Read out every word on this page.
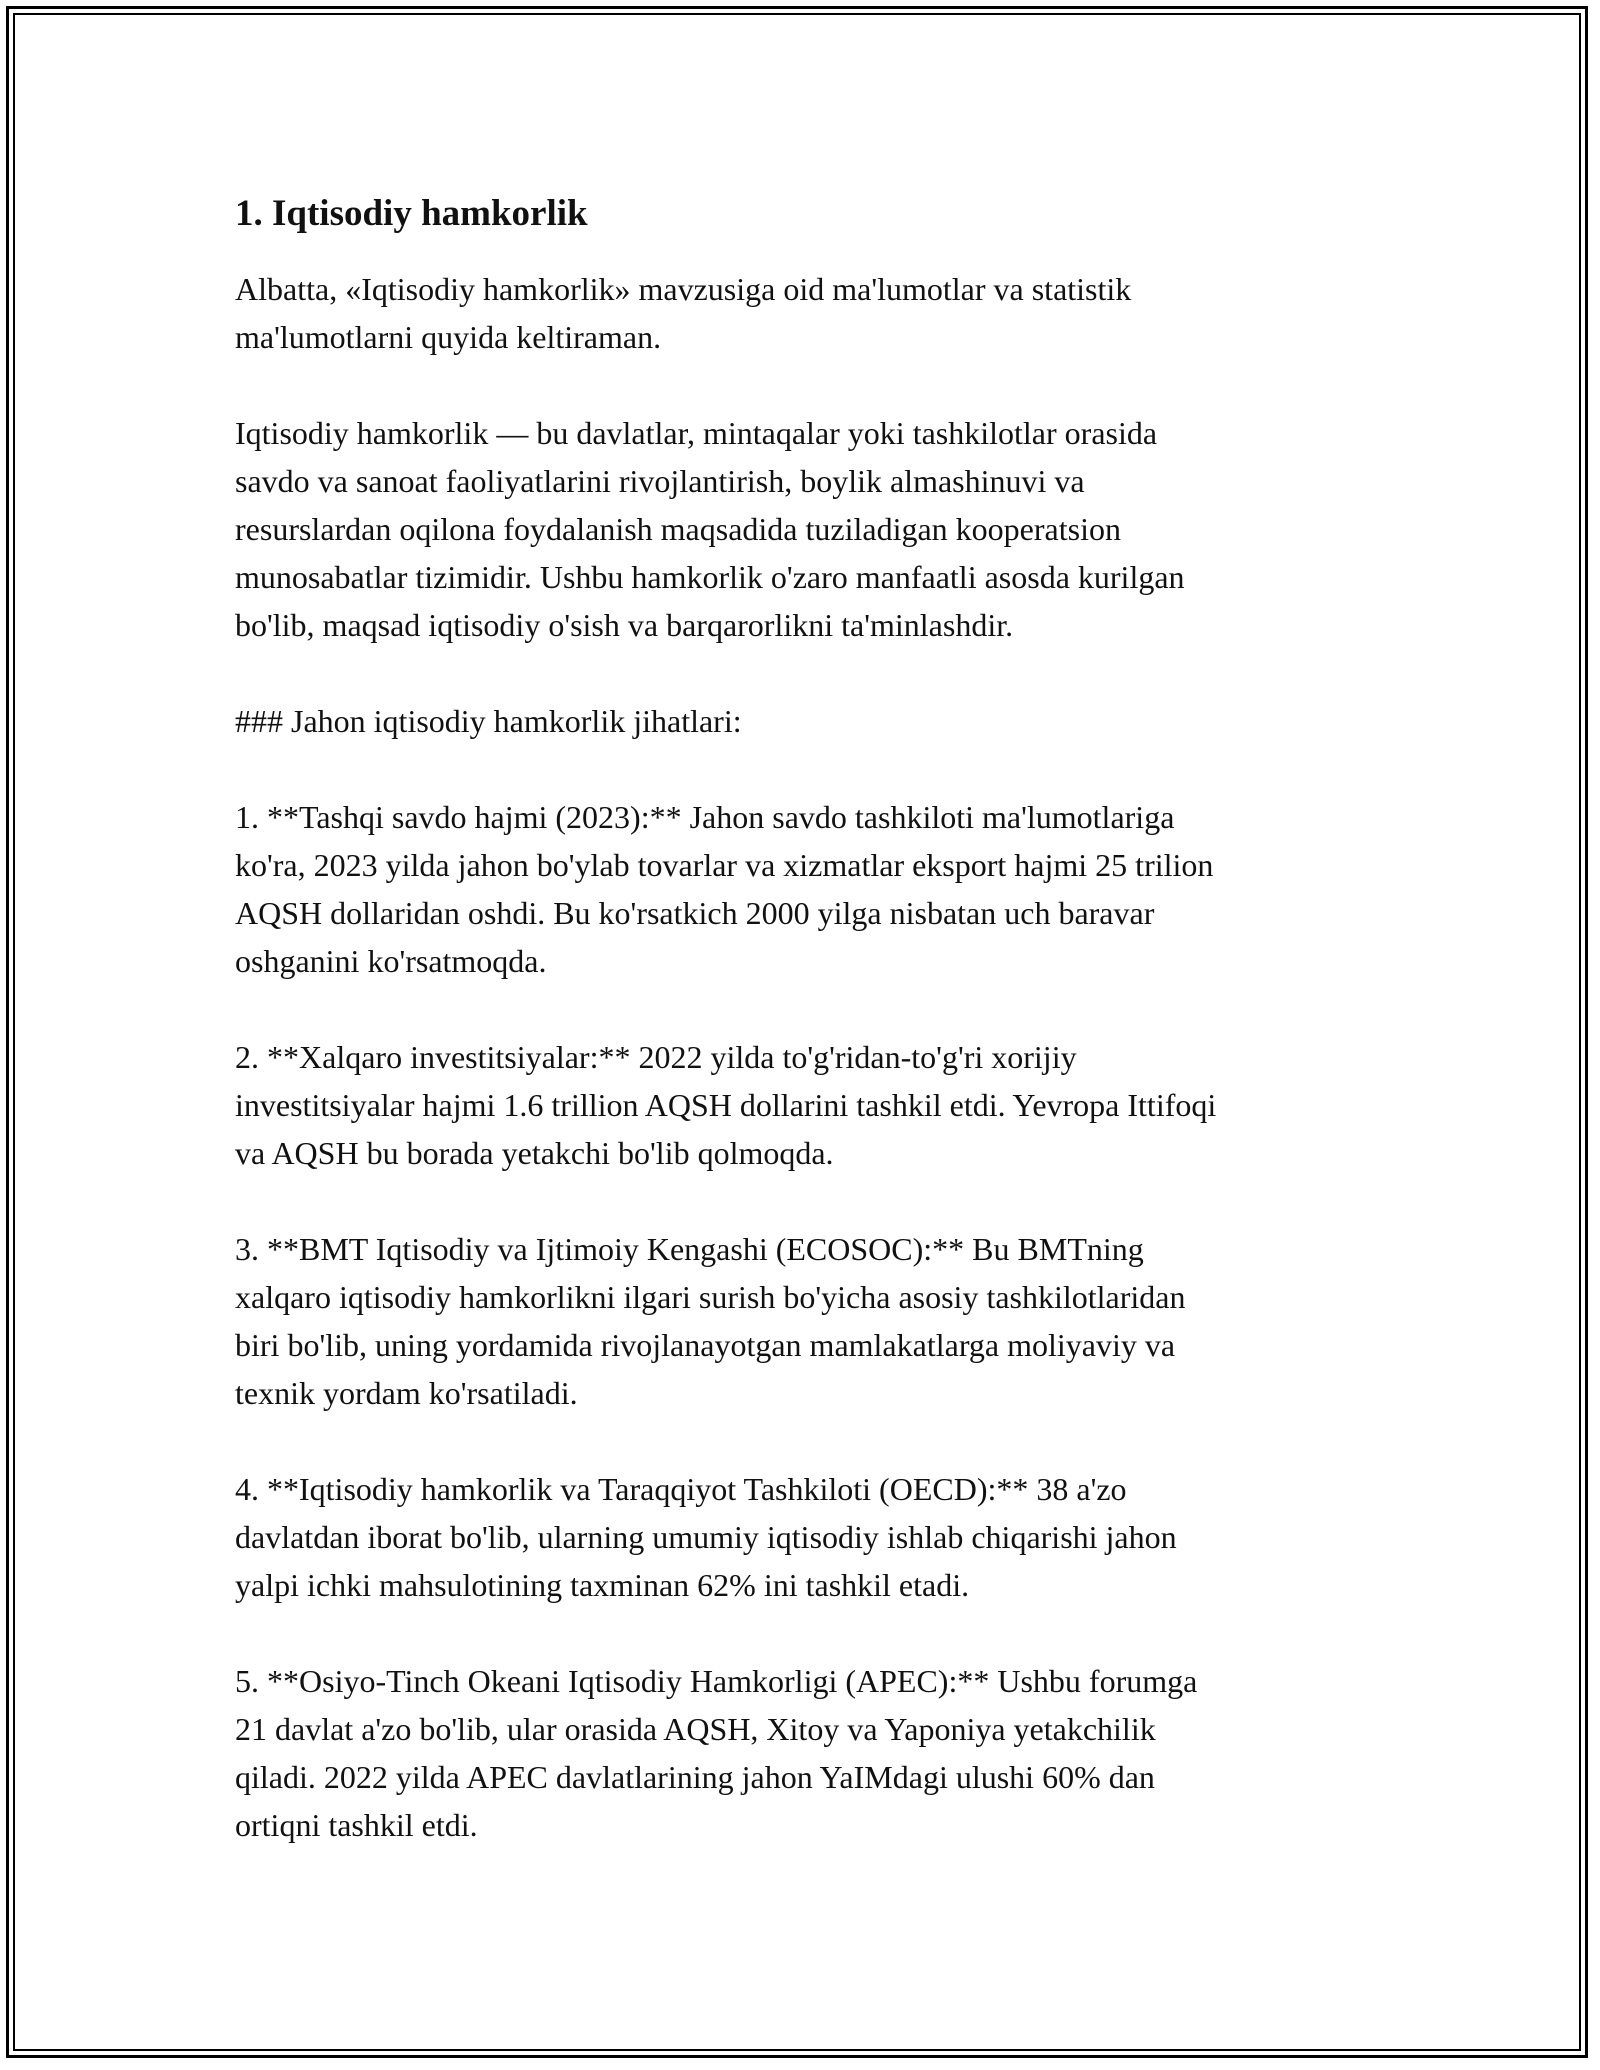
1. Iqtisodiy hamkorlik

Albatta, «Iqtisodiy hamkorlik» mavzusiga oid ma'lumotlar va statistik
ma'lumotlarni quyida keltiraman.

Iqtisodiy hamkorlik — bu davlatlar, mintaqalar yoki tashkilotlar orasida
savdo va sanoat faoliyatlarini rivojlantirish, boylik almashinuvi va
resurslardan oqilona foydalanish maqsadida tuziladigan kooperatsion
munosabatlar tizimidir. Ushbu hamkorlik o'zaro manfaatli asosda kurilgan
bo'lib, maqsad iqtisodiy o'sish va barqarorlikni ta'minlashdir.

### Jahon iqtisodiy hamkorlik jihatlari:

1. **Tashqi savdo hajmi (2023):** Jahon savdo tashkiloti ma'lumotlariga
ko'ra, 2023 yilda jahon bo'ylab tovarlar va xizmatlar eksport hajmi 25 trilion
AQSH dollaridan oshdi. Bu ko'rsatkich 2000 yilga nisbatan uch baravar
oshganini ko'rsatmoqda.

2. **Xalqaro investitsiyalar:** 2022 yilda to'g'ridan-to'g'ri xorijiy
investitsiyalar hajmi 1.6 trillion AQSH dollarini tashkil etdi. Yevropa Ittifoqi
va AQSH bu borada yetakchi bo'lib qolmoqda.

3. **BMT Iqtisodiy va Ijtimoiy Kengashi (ECOSOC):** Bu BMTning
xalqaro iqtisodiy hamkorlikni ilgari surish bo'yicha asosiy tashkilotlaridan
biri bo'lib, uning yordamida rivojlanayotgan mamlakatlarga moliyaviy va
texnik yordam ko'rsatiladi.

4. **Iqtisodiy hamkorlik va Taraqqiyot Tashkiloti (OECD):** 38 a'zo
davlatdan iborat bo'lib, ularning umumiy iqtisodiy ishlab chiqarishi jahon
yalpi ichki mahsulotining taxminan 62% ini tashkil etadi.

5. **Osiyo-Tinch Okeani Iqtisodiy Hamkorligi (APEC):** Ushbu forumga
21 davlat a'zo bo'lib, ular orasida AQSH, Xitoy va Yaponiya yetakchilik
qiladi. 2022 yilda APEC davlatlarining jahon YaIMdagi ulushi 60% dan
ortiqni tashkil etdi.
